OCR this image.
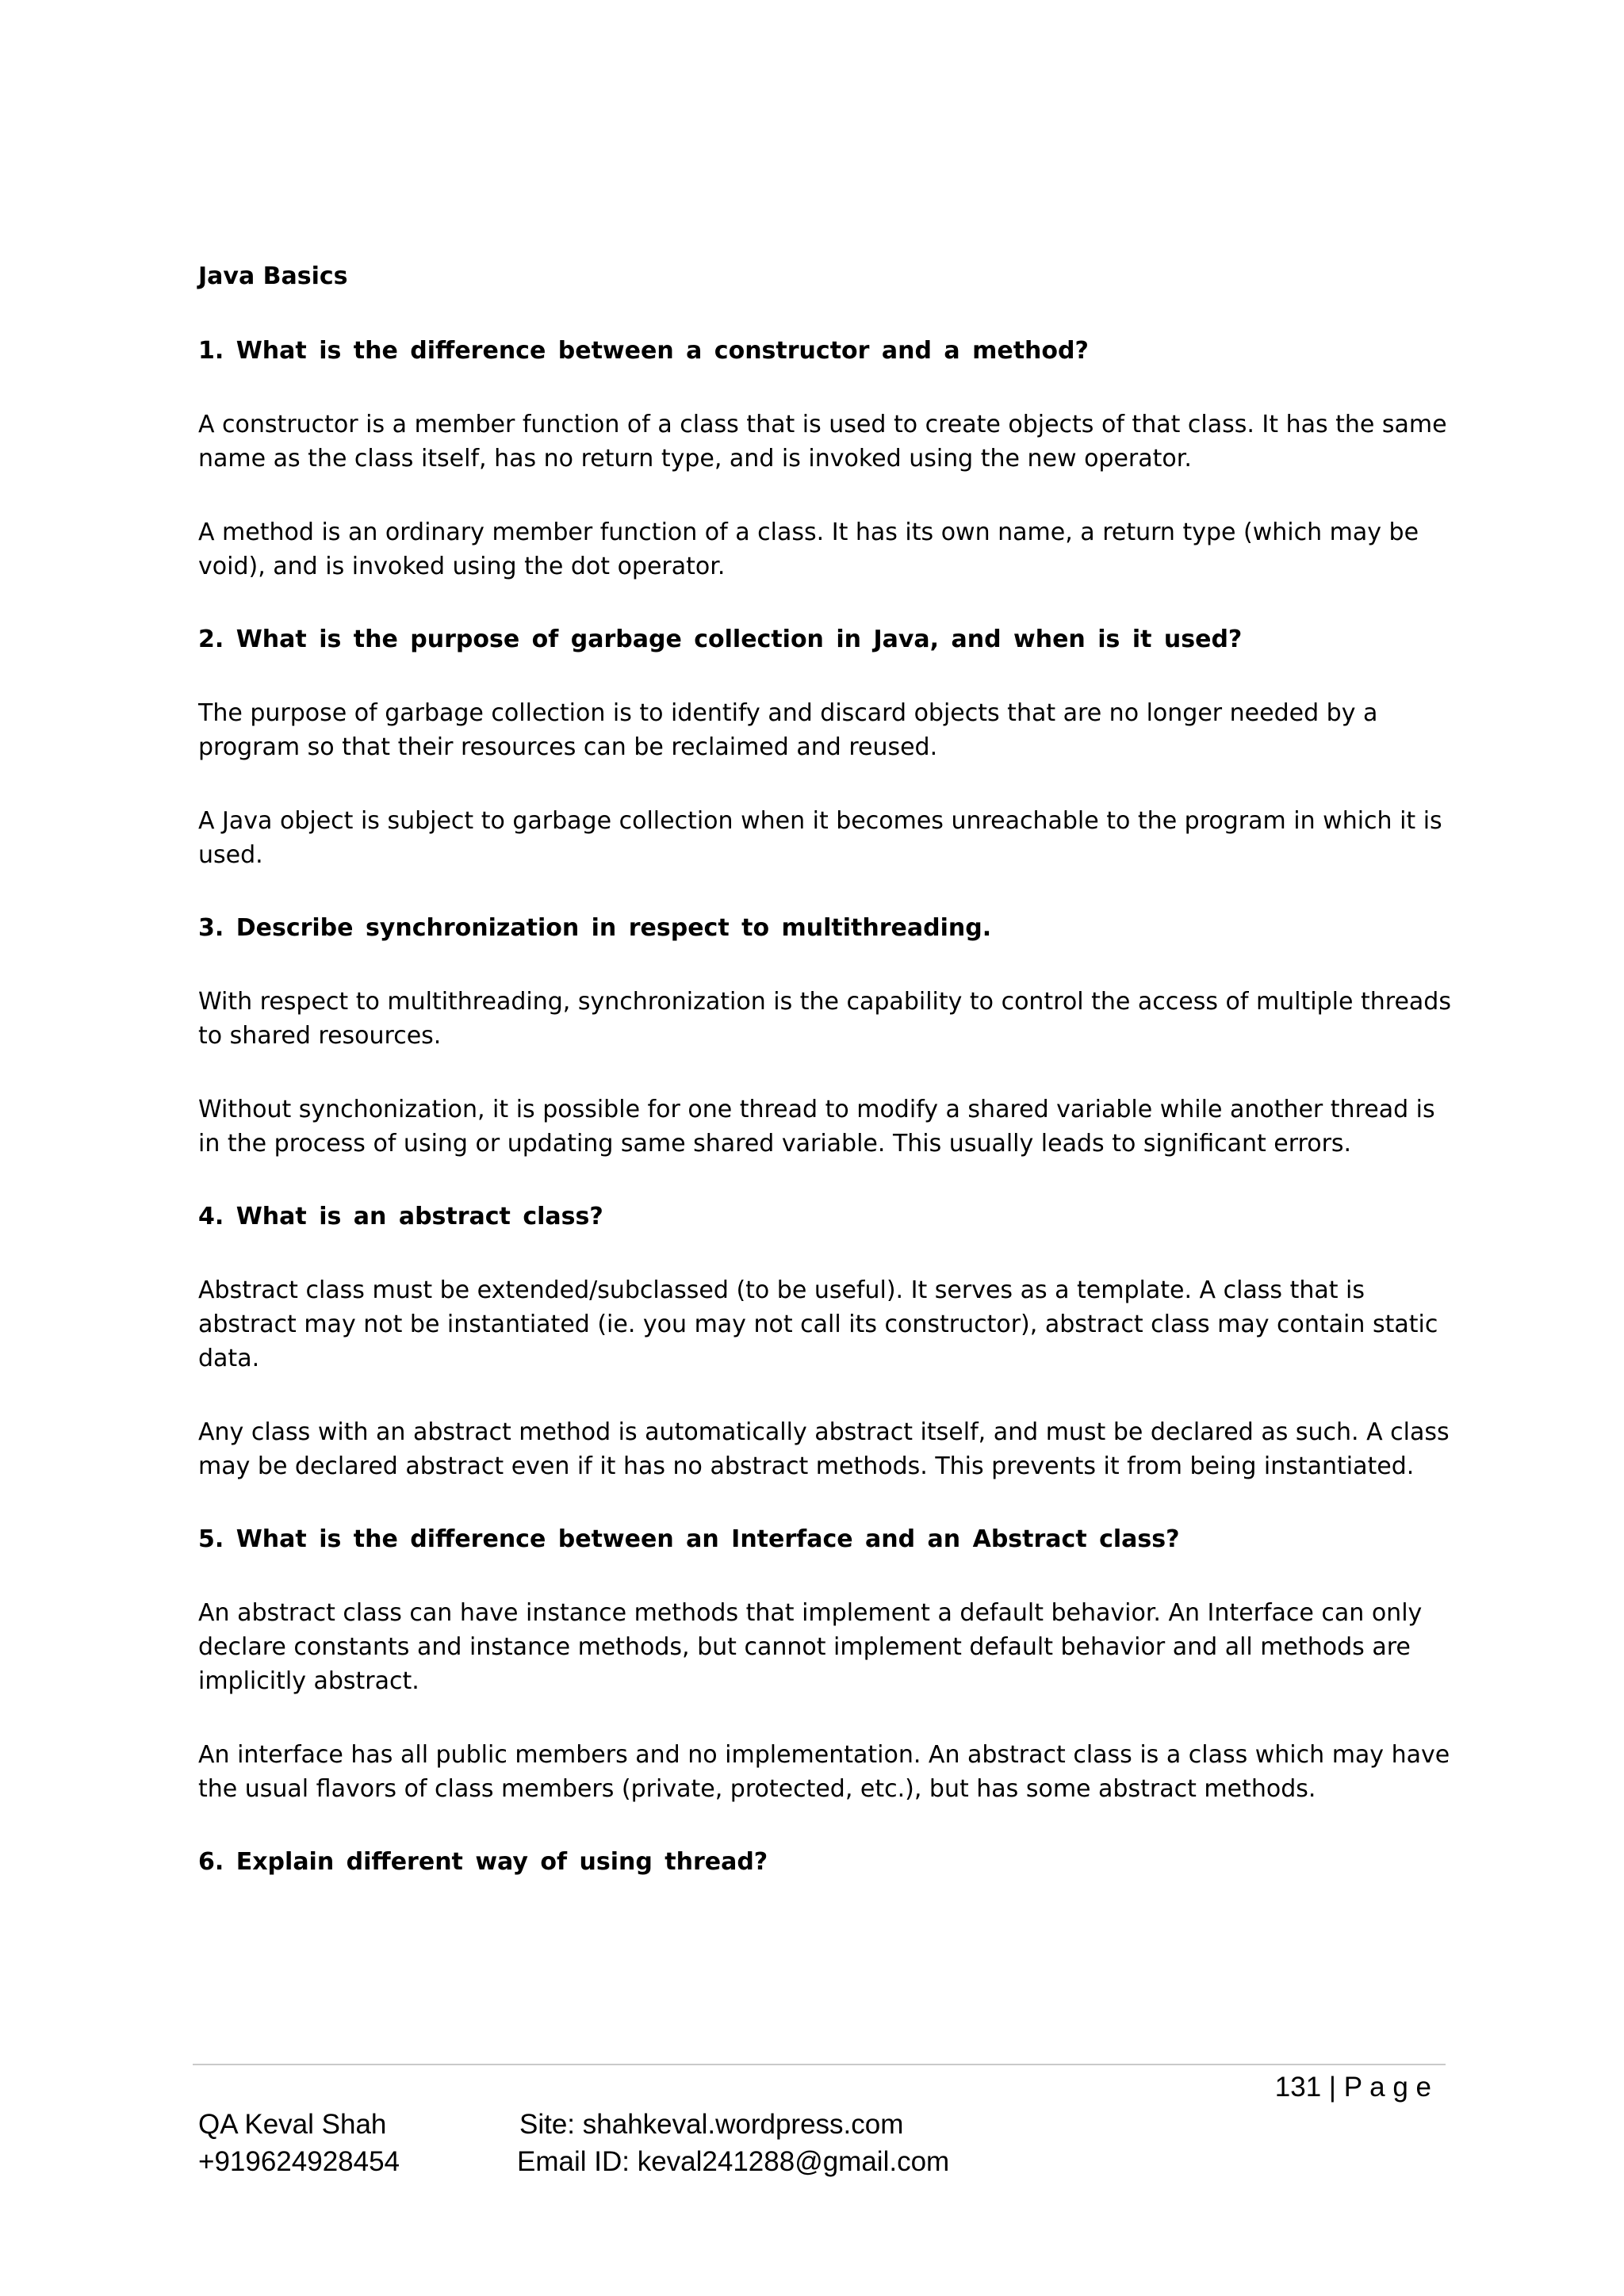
Java Basics
1. What is the difference between a constructor and a method?

A constructor is a member function of a class that is used to create objects of that class. It has the same name as the class itself, has no return type, and is invoked using the new operator.

A method is an ordinary member function of a class. It has its own name, a return type (which may be void), and is invoked using the dot operator.

2. What is the purpose of garbage collection in Java, and when is it used?

The purpose of garbage collection is to identify and discard objects that are no longer needed by a program so that their resources can be reclaimed and reused.

A Java object is subject to garbage collection when it becomes unreachable to the program in which it is used.

3. Describe synchronization in respect to multithreading.

With respect to multithreading, synchronization is the capability to control the access of multiple threads to shared resources.

Without synchonization, it is possible for one thread to modify a shared variable while another thread is in the process of using or updating same shared variable. This usually leads to significant errors.

4. What is an abstract class?

Abstract class must be extended/subclassed (to be useful). It serves as a template. A class that is abstract may not be instantiated (ie. you may not call its constructor), abstract class may contain static data.

Any class with an abstract method is automatically abstract itself, and must be declared as such. A class may be declared abstract even if it has no abstract methods. This prevents it from being instantiated.

5. What is the difference between an Interface and an Abstract class?

An abstract class can have instance methods that implement a default behavior. An Interface can only declare constants and instance methods, but cannot implement default behavior and all methods are implicitly abstract.

An interface has all public members and no implementation. An abstract class is a class which may have the usual flavors of class members (private, protected, etc.), but has some abstract methods.

6. Explain different way of using thread?
131 | P a g e
QA Keval Shah
+919624928454
Site: shahkeval.wordpress.com
Email ID: keval241288@gmail.com
